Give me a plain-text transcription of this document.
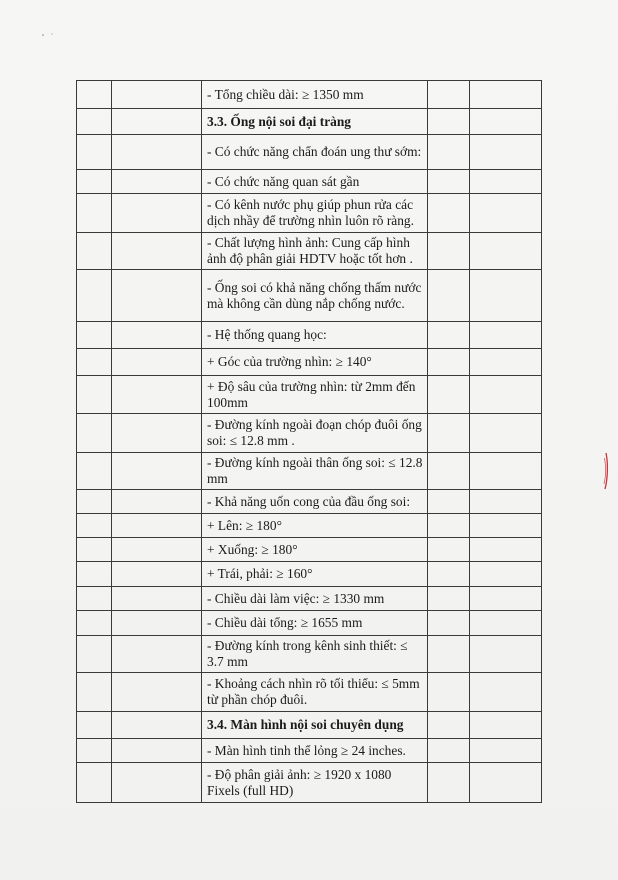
		- Tổng chiều dài: ≥ 1350 mm		
		3.3. Ống nội soi đại tràng		
		- Có chức năng chẩn đoán ung thư sớm:		
		- Có chức năng quan sát gần		
		- Có kênh nước phụ giúp phun rửa các dịch nhầy để trường nhìn luôn rõ ràng.		
		- Chất lượng hình ảnh: Cung cấp hình ảnh độ phân giải HDTV hoặc tốt hơn .		
		- Ống soi có khả năng chống thấm nước mà không cần dùng nắp chống nước.		
		- Hệ thống quang học:		
		+ Góc của trường nhìn: ≥ 140°		
		+ Độ sâu của trường nhìn: từ 2mm đến 100mm		
		- Đường kính ngoài đoạn chóp đuôi ống soi: ≤ 12.8 mm .		
		- Đường kính ngoài thân ống soi: ≤ 12.8 mm		
		- Khả năng uốn cong của đầu ống soi:		
		+ Lên: ≥ 180°		
		+ Xuống: ≥ 180°		
		+ Trái, phải: ≥ 160°		
		- Chiều dài làm việc: ≥ 1330 mm		
		- Chiều dài tổng: ≥ 1655 mm		
		- Đường kính trong kênh sinh thiết: ≤ 3.7 mm		
		- Khoảng cách nhìn rõ tối thiểu: ≤ 5mm từ phần chóp đuôi.		
		3.4. Màn hình nội soi chuyên dụng		
		- Màn hình tinh thể lỏng ≥ 24 inches.		
		- Độ phân giải ảnh: ≥ 1920 x 1080 Fixels (full HD)		
